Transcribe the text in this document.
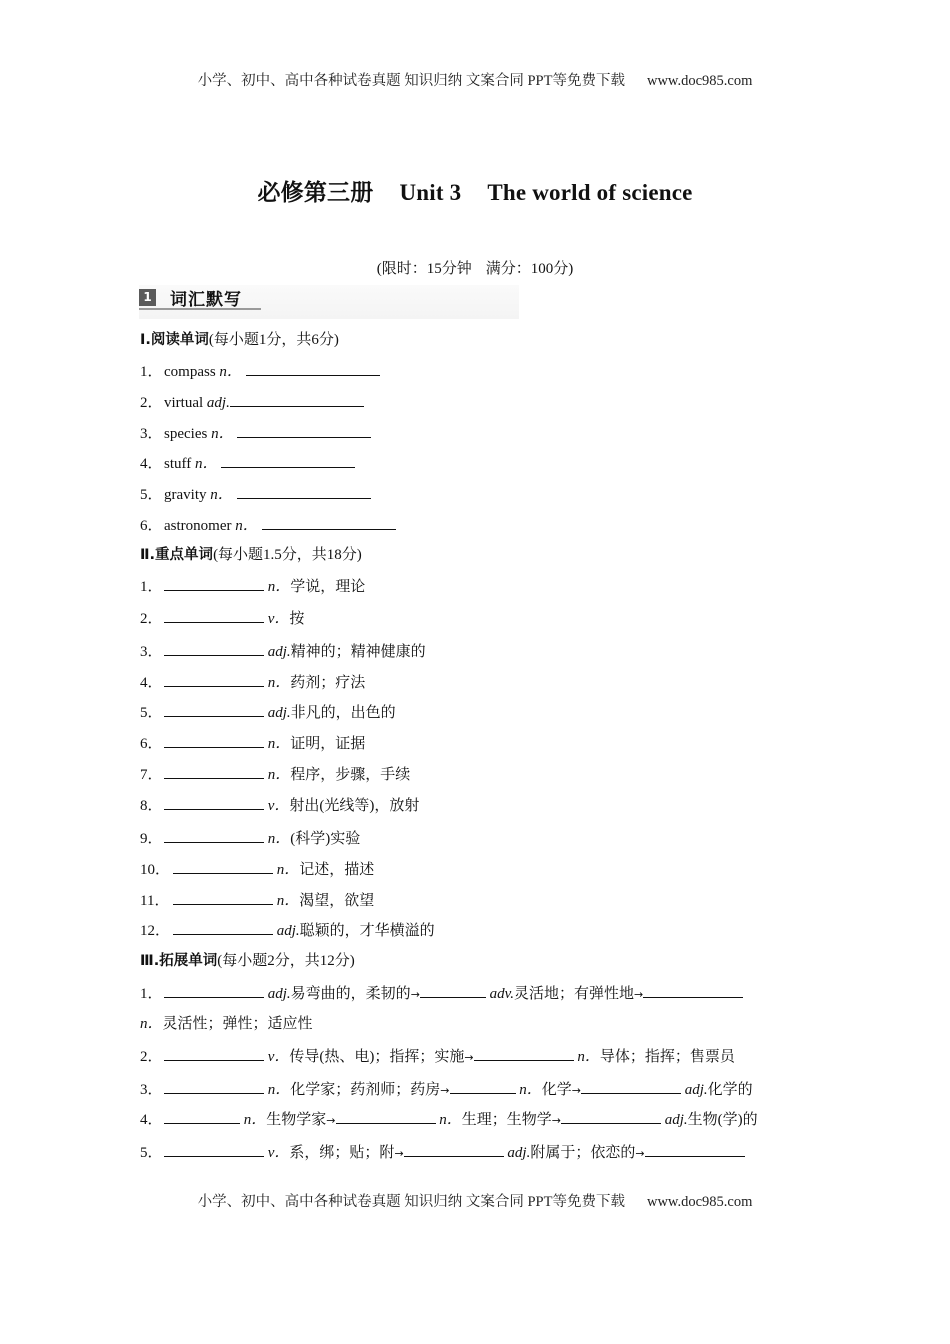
小学、初中、高中各种试卷真题 知识归纳 文案合同 PPT等免费下载 www.doc985.com
必修第三册 Unit 3 The world of science
(限时：15分钟 满分：100分)
1 词汇默写
Ⅰ.阅读单词(每小题1分，共6分)
1．compass n．
2．virtual adj.
3．species n．
4．stuff n．
5．gravity n．
6．astronomer n．
Ⅱ.重点单词(每小题1.5分，共18分)
1．	n．学说，理论
2．	v．按
3．	adj.精神的；精神健康的
4．	n．药剂；疗法
5．	adj.非凡的，出色的
6．	n．证明，证据
7．	n．程序，步骤，手续
8．	v．射出(光线等)，放射
9．	n．(科学)实验
10．	n．记述，描述
11．	n．渴望，欲望
12．	adj.聪颖的，才华横溢的
Ⅲ.拓展单词(每小题2分，共12分)
1．	adj.易弯曲的，柔韧的→	adv.灵活地；有弹性地→
n．灵活性；弹性；适应性
2．	v．传导(热、电)；指挥；实施→	n．导体；指挥；售票员
3．	n．化学家；药剂师；药房→	n．化学→	adj.化学的
4．	n．生物学家→	n．生理；生物学→	adj.生物(学)的
5．	v．系，绑；贴；附→	adj.附属于；依恋的→
小学、初中、高中各种试卷真题 知识归纳 文案合同 PPT等免费下载 www.doc985.com
